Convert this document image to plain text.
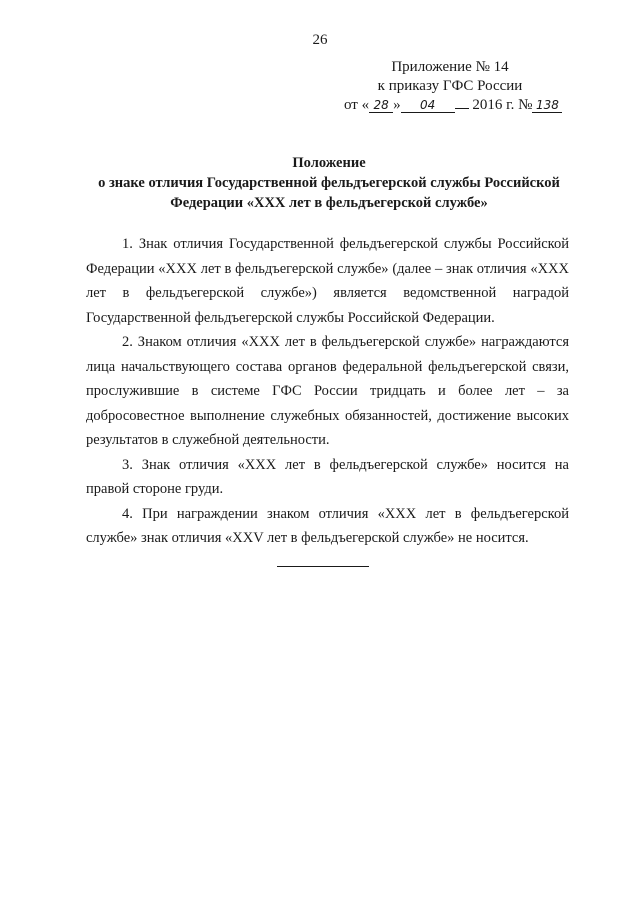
26
Приложение № 14
к приказу ГФС России
от « 28 » 04 2016 г. № 138
Положение
о знаке отличия Государственной фельдъегерской службы Российской
Федерации «ХХХ лет в фельдъегерской службе»

1. Знак отличия Государственной фельдъегерской службы Российской Федерации «ХХХ лет в фельдъегерской службе» (далее – знак отличия «ХХХ лет в фельдъегерской службе») является ведомственной наградой Государственной фельдъегерской службы Российской Федерации.

2. Знаком отличия «ХХХ лет в фельдъегерской службе» награждаются лица начальствующего состава органов федеральной фельдъегерской связи, прослужившие в системе ГФС России тридцать и более лет – за добросовестное выполнение служебных обязанностей, достижение высоких результатов в служебной деятельности.

3. Знак отличия «ХХХ лет в фельдъегерской службе» носится на правой стороне груди.

4. При награждении знаком отличия «ХХХ лет в фельдъегерской службе» знак отличия «XXV лет в фельдъегерской службе» не носится.
